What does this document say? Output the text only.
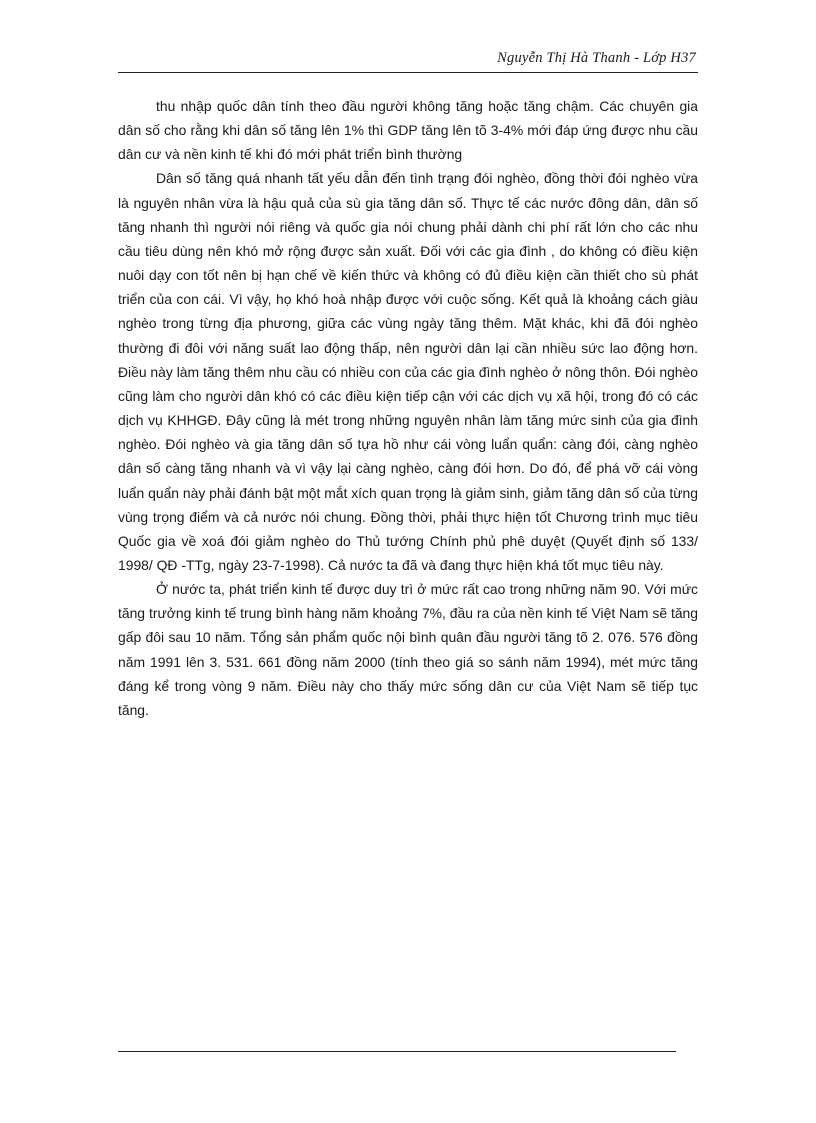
Nguyễn Thị Hà Thanh - Lớp H37

thu nhập quốc dân tính theo đầu người không tăng hoặc tăng chậm. Các chuyên gia dân số cho rằng khi dân số tăng lên 1% thì GDP tăng lên tõ 3-4% mới đáp ứng được nhu cầu dân cư và nền kinh tế khi đó mới phát triển bình thường

Dân số tăng quá nhanh tất yếu dẫn đến tình trạng đói nghèo, đồng thời đói nghèo vừa là nguyên nhân vừa là hậu quả của sù gia tăng dân số. Thực tế các nước đông dân, dân số tăng nhanh thì người nói riêng và quốc gia nói chung phải dành chi phí rất lớn cho các nhu cầu tiêu dùng nên khó mở rộng được sản xuất. Đối với các gia đình , do không có điều kiện nuôi dạy con tốt nên bị hạn chế về kiến thức và không có đủ điều kiện cần thiết cho sù phát triển của con cái. Vì vậy, họ khó hoà nhập được với cuộc sống. Kết quả là khoảng cách giàu nghèo trong từng địa phương, giữa các vùng ngày tăng thêm. Mặt khác, khi đã đói nghèo thường đi đôi với năng suất lao động thấp, nên người dân lại cần nhiều sức lao động hơn. Điều này làm tăng thêm nhu cầu có nhiều con của các gia đình nghèo ở nông thôn. Đói nghèo cũng làm cho người dân khó có các điều kiện tiếp cận với các dịch vụ xã hội, trong đó có các dịch vụ KHHGĐ. Đây cũng là mét trong những nguyên nhân làm tăng mức sinh của gia đình nghèo. Đói nghèo và gia tăng dân số tựa hồ như cái vòng luẩn quẩn: càng đói, càng nghèo dân số càng tăng nhanh và vì vậy lại càng nghèo, càng đói hơn. Do đó, để phá vỡ cái vòng luẩn quẩn này phải đánh bật một mắt xích quan trọng là giảm sinh, giảm tăng dân số của từng vùng trọng điểm và cả nước nói chung. Đồng thời, phải thực hiện tốt Chương trình mục tiêu Quốc gia về xoá đói giảm nghèo do Thủ tướng Chính phủ phê duyệt (Quyết định số 133/ 1998/ QĐ -TTg, ngày 23-7-1998). Cả nước ta đã và đang thực hiện khá tốt mục tiêu này.

Ở nước ta, phát triển kinh tế được duy trì ở mức rất cao trong những năm 90. Với mức tăng trưởng kinh tế trung bình hàng năm khoảng 7%, đầu ra của nền kinh tế Việt Nam sẽ tăng gấp đôi sau 10 năm. Tổng sản phẩm quốc nội bình quân đầu người tăng tõ 2. 076. 576 đồng năm 1991 lên 3. 531. 661 đồng năm 2000 (tính theo giá so sánh năm 1994), mét mức tăng đáng kể trong vòng 9 năm. Điều này cho thấy mức sống dân cư của Việt Nam sẽ tiếp tục tăng.
